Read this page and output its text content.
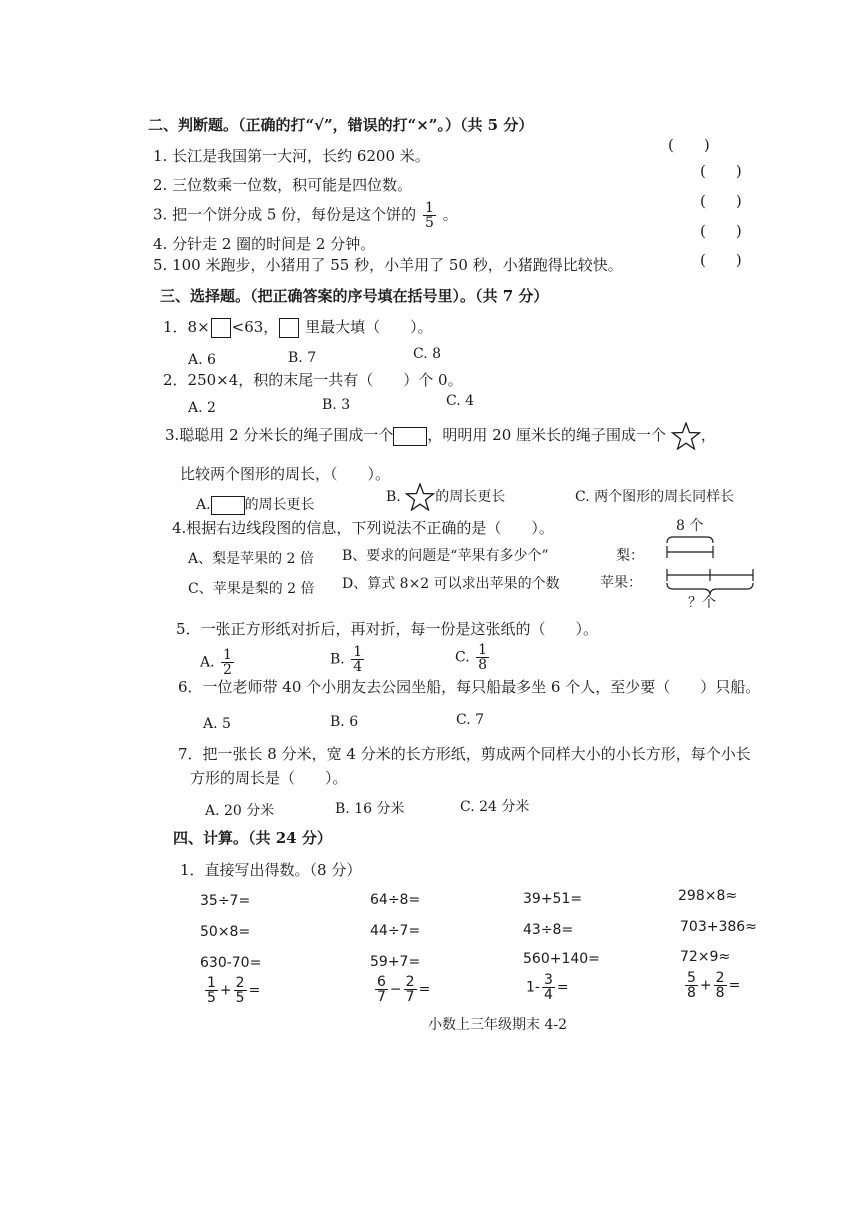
二、判断题。（正确的打“√”，错误的打“×”。）（共 5 分）
(　　)
1. 长江是我国第一大河，长约 6200 米。
(　　)
2. 三位数乘一位数，积可能是四位数。
(　　)
3. 把一个饼分成 5 份，每份是这个饼的 $\frac{1}{5}$ 。
(　　)
4. 分针走 2 圈的时间是 2 分钟。
(　　)
5. 100 米跑步，小猪用了 55 秒，小羊用了 50 秒，小猪跑得比较快。
三、选择题。（把正确答案的序号填在括号里）。（共 7 分）
1．8× <63， 里最大填（　　）。
A. 6	B. 7	C. 8
2．250×4，积的末尾一共有（　　）个 0。
A. 2	B. 3	C. 4
3.聪聪用 2 分米长的绳子围成一个 ，明明用 20 厘米长的绳子围成一个 ，
比较两个图形的周长，（　　）。
A. 的周长更长	B. 的周长更长	C. 两个图形的周长同样长
4.根据右边线段图的信息，下列说法不正确的是（　　）。
A、梨是苹果的 2 倍 B、要求的问题是“苹果有多少个”
C、苹果是梨的 2 倍 D、算式 8×2 可以求出苹果的个数
8 个
梨：
苹果：
？个
5．一张正方形纸对折后，再对折，每一份是这张纸的（　　）。
A. $\frac{1}{2}$	B. $\frac{1}{4}$	C. $\frac{1}{8}$
6．一位老师带 40 个小朋友去公园坐船，每只船最多坐 6 个人，至少要（　　）只船。
A. 5	B. 6	C. 7
7．把一张长 8 分米，宽 4 分米的长方形纸，剪成两个同样大小的小长方形，每个小长
方形的周长是（　　）。
A. 20 分米	B. 16 分米	C. 24 分米
四、计算。（共 24 分）
1．直接写出得数。（8 分）
35÷7=	64÷8=	39+51=	298×8≈
50×8=	44÷7=	43÷8=	703+386≈
630-70=	59+7=	560+140=	72×9≈
$\frac{1}{5} + \frac{2}{5}$ =	$\frac{6}{7} - \frac{2}{7}$ =	$1- \frac{3}{4}$ =	$\frac{5}{8} + \frac{2}{8}$ =
小数上三年级期末 4-2
